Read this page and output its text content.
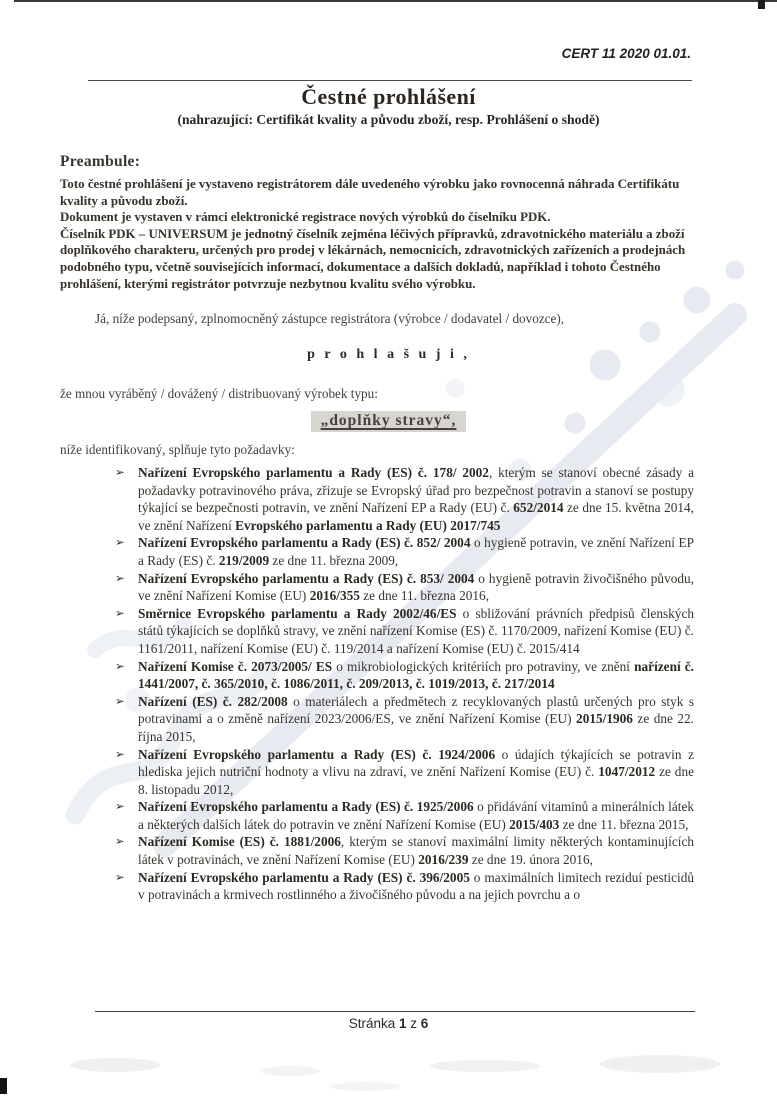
CERT 11 2020 01.01.
Čestné prohlášení
(nahrazující: Certifikát kvality a původu zboží, resp. Prohlášení o shodě)
Preambule:

Toto čestné prohlášení je vystaveno registrátorem dále uvedeného výrobku jako rovnocenná náhrada Certifikátu kvality a původu zboží.

Dokument je vystaven v rámci elektronické registrace nových výrobků do číselníku PDK.

Číselník PDK – UNIVERSUM je jednotný číselník zejména léčivých přípravků, zdravotnického materiálu a zboží doplňkového charakteru, určených pro prodej v lékárnách, nemocnicích, zdravotnických zařízeních a prodejnách podobného typu, včetně souvisejících informací, dokumentace a dalších dokladů, například i tohoto Čestného prohlášení, kterými registrátor potvrzuje nezbytnou kvalitu svého výrobku.

Já, níže podepsaný, zplnomocněný zástupce registrátora (výrobce / dodavatel / dovozce),

p r o h l a š u j i ,

že mnou vyráběný / dovážený / distribuovaný výrobek typu:

„doplňky stravy“,

níže identifikovaný, splňuje tyto požadavky:

➢	Nařízení Evropského parlamentu a Rady (ES) č. 178/ 2002, kterým se stanoví obecné zásady a požadavky potravinového práva, zřizuje se Evropský úřad pro bezpečnost potravin a stanoví se postupy týkající se bezpečnosti potravin, ve znění Nařízení EP a Rady (EU) č. 652/2014 ze dne 15. května 2014, ve znění Nařízení Evropského parlamentu a Rady (EU) 2017/745
➢	Nařízení Evropského parlamentu a Rady (ES) č. 852/ 2004 o hygieně potravin, ve znění Nařízení EP a Rady (ES) č. 219/2009 ze dne 11. března 2009,
➢	Nařízení Evropského parlamentu a Rady (ES) č. 853/ 2004 o hygieně potravin živočišného původu, ve znění Nařízení Komise (EU) 2016/355 ze dne 11. března 2016,
➢	Směrnice Evropského parlamentu a Rady 2002/46/ES o sbližování právních předpisů členských států týkajících se doplňků stravy, ve znění nařízení Komise (ES) č. 1170/2009, nařízení Komise (EU) č. 1161/2011, nařízení Komise (EU) č. 119/2014 a nařízení Komise (EU) č. 2015/414
➢	Nařízení Komise č. 2073/2005/ ES o mikrobiologických kritériích pro potraviny, ve znění nařízení č. 1441/2007, č. 365/2010, č. 1086/2011, č. 209/2013, č. 1019/2013, č. 217/2014
➢	Nařízení (ES) č. 282/2008 o materiálech a předmětech z recyklovaných plastů určených pro styk s potravinami a o změně nařízení 2023/2006/ES, ve znění Nařízení Komise (EU) 2015/1906 ze dne 22. října 2015,
➢	Nařízení Evropského parlamentu a Rady (ES) č. 1924/2006 o údajích týkajících se potravin z hlediska jejich nutriční hodnoty a vlivu na zdraví, ve znění Nařízení Komise (EU) č. 1047/2012 ze dne 8. listopadu 2012,
➢	Nařízení Evropského parlamentu a Rady (ES) č. 1925/2006 o přidávání vitaminů a minerálních látek a některých dalších látek do potravin ve znění Nařízení Komise (EU) 2015/403 ze dne 11. března 2015,
➢	Nařízení Komise (ES) č. 1881/2006, kterým se stanoví maximální limity některých kontaminujících látek v potravinách, ve znění Nařízení Komise (EU) 2016/239 ze dne 19. února 2016,
➢	Nařízení Evropského parlamentu a Rady (ES) č. 396/2005 o maximálních limitech reziduí pesticidů v potravinách a krmivech rostlinného a živočišného původu a na jejich povrchu a o
Stránka 1 z 6
